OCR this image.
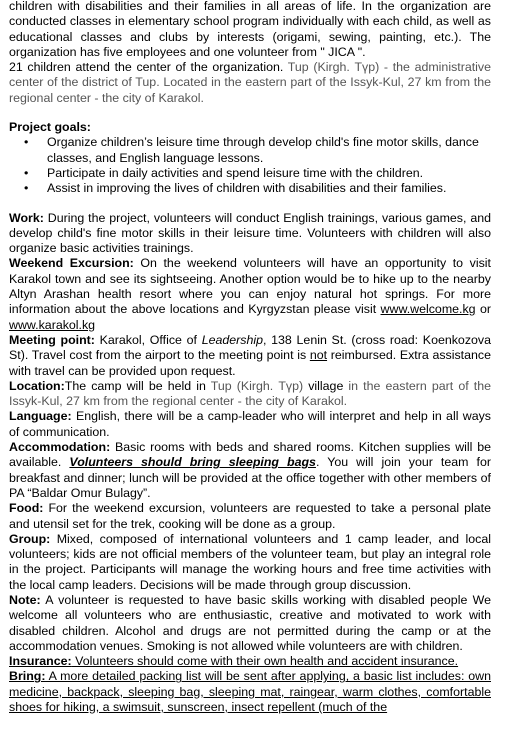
children with disabilities and their families in all areas of life. In the organization are conducted classes in elementary school program individually with each child, as well as educational classes and clubs by interests (origami, sewing, painting, etc.). The organization has five employees and one volunteer from " JICA ".
21 children attend the center of the organization. Tup (Kirgh. Түр) - the administrative center of the district of Tup. Located in the eastern part of the Issyk-Kul, 27 km from the regional center - the city of Karakol.

Project goals:

• Organize children’s leisure time through develop child's fine motor skills, dance classes, and English language lessons.
• Participate in daily activities and spend leisure time with the children.
• Assist in improving the lives of children with disabilities and their families.

Work: During the project, volunteers will conduct English trainings, various games, and develop child's fine motor skills in their leisure time. Volunteers with children will also organize basic activities trainings.

Weekend Excursion: On the weekend volunteers will have an opportunity to visit Karakol town and see its sightseeing. Another option would be to hike up to the nearby Altyn Arashan health resort where you can enjoy natural hot springs. For more information about the above locations and Kyrgyzstan please visit www.welcome.kg or www.karakol.kg

Meeting point: Karakol, Office of Leadership, 138 Lenin St. (cross road: Koenkozova St). Travel cost from the airport to the meeting point is not reimbursed. Extra assistance with travel can be provided upon request.

Location:The camp will be held in Tup (Kirgh. Түр) village in the eastern part of the Issyk-Kul, 27 km from the regional center - the city of Karakol.

Language: English, there will be a camp-leader who will interpret and help in all ways of communication.

Accommodation: Basic rooms with beds and shared rooms. Kitchen supplies will be available. Volunteers should bring sleeping bags. You will join your team for breakfast and dinner; lunch will be provided at the office together with other members of PA “Baldar Omur Bulagy”.

Food: For the weekend excursion, volunteers are requested to take a personal plate and utensil set for the trek, cooking will be done as a group.

Group: Mixed, composed of international volunteers and 1 camp leader, and local volunteers; kids are not official members of the volunteer team, but play an integral role in the project. Participants will manage the working hours and free time activities with the local camp leaders. Decisions will be made through group discussion.

Note: A volunteer is requested to have basic skills working with disabled people We welcome all volunteers who are enthusiastic, creative and motivated to work with disabled children. Alcohol and drugs are not permitted during the camp or at the accommodation venues. Smoking is not allowed while volunteers are with children.

Insurance: Volunteers should come with their own health and accident insurance.

Bring: A more detailed packing list will be sent after applying, a basic list includes: own medicine, backpack, sleeping bag, sleeping mat, raingear, warm clothes, comfortable shoes for hiking, a swimsuit, sunscreen, insect repellent (much of the
